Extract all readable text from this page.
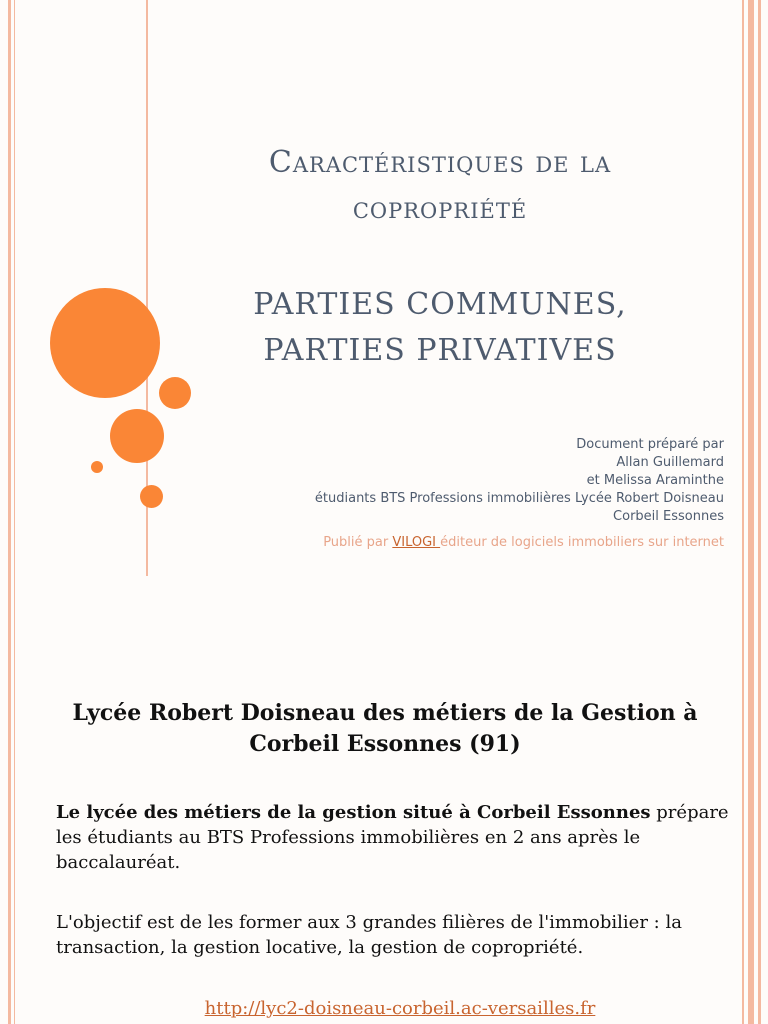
Caractéristiques de la copropriété
PARTIES COMMUNES,
PARTIES PRIVATIVES
Document préparé par
Allan Guillemard
et Melissa Araminthe
étudiants BTS Professions immobilières Lycée Robert Doisneau
Corbeil Essonnes
Publié par VILOGI éditeur de logiciels immobiliers sur internet
Lycée Robert Doisneau des métiers de la Gestion à Corbeil Essonnes (91)
Le lycée des métiers de la gestion situé à Corbeil Essonnes prépare les étudiants au BTS Professions immobilières en 2 ans après le baccalauréat.
L'objectif est de les former aux 3 grandes filières de l'immobilier : la transaction, la gestion locative, la gestion de copropriété.
http://lyc2-doisneau-corbeil.ac-versailles.fr
